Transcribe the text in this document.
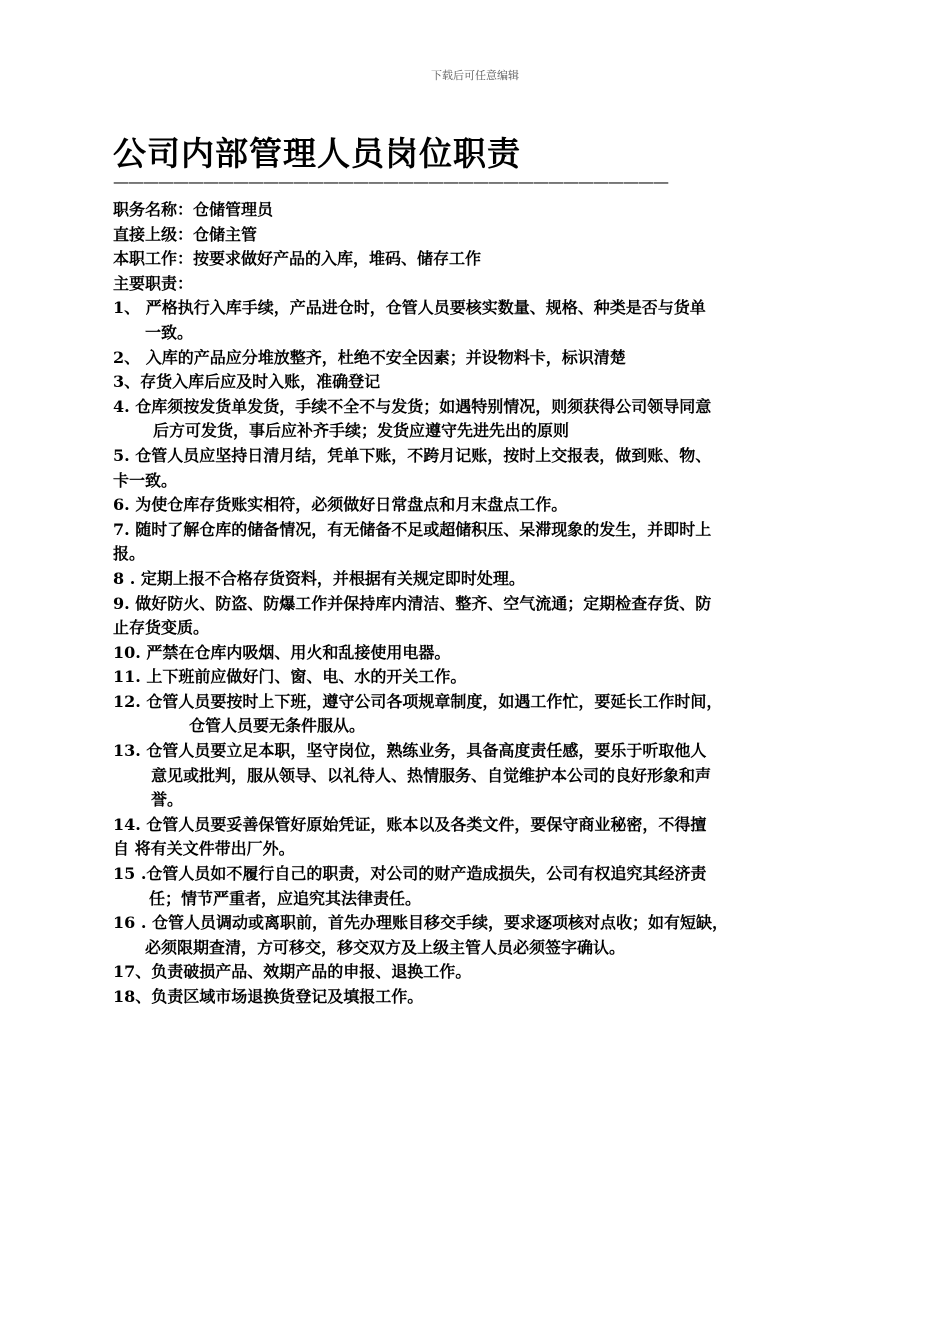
下载后可任意编辑
公司内部管理人员岗位职责
—————————————————————————————————————
职务名称：仓储管理员
直接上级：仓储主管
本职工作：按要求做好产品的入库，堆码、储存工作
主要职责：
1、 严格执行入库手续，产品进仓时，仓管人员要核实数量、规格、种类是否与货单
一致。
2、 入库的产品应分堆放整齐，杜绝不安全因素；并设物料卡，标识清楚
3、存货入库后应及时入账，准确登记
4. 仓库须按发货单发货，手续不全不与发货；如遇特别情况，则须获得公司领导同意
后方可发货，事后应补齐手续；发货应遵守先进先出的原则
5. 仓管人员应坚持日清月结，凭单下账，不跨月记账，按时上交报表，做到账、物、
卡一致。
6. 为使仓库存货账实相符，必须做好日常盘点和月末盘点工作。
7. 随时了解仓库的储备情况，有无储备不足或超储积压、呆滞现象的发生，并即时上
报。
8 . 定期上报不合格存货资料，并根据有关规定即时处理。
9. 做好防火、防盗、防爆工作并保持库内清洁、整齐、空气流通；定期检查存货、防
止存货变质。
10. 严禁在仓库内吸烟、用火和乱接使用电器。
11. 上下班前应做好门、窗、电、水的开关工作。
12. 仓管人员要按时上下班，遵守公司各项规章制度，如遇工作忙，要延长工作时间，
仓管人员要无条件服从。
13. 仓管人员要立足本职，坚守岗位，熟练业务，具备高度责任感，要乐于听取他人
意见或批判，服从领导、以礼待人、热情服务、自觉维护本公司的良好形象和声
誉。
14. 仓管人员要妥善保管好原始凭证，账本以及各类文件，要保守商业秘密，不得擅
自 将有关文件带出厂外。
15 .仓管人员如不履行自己的职责，对公司的财产造成损失，公司有权追究其经济责
任；情节严重者，应追究其法律责任。
16 . 仓管人员调动或离职前，首先办理账目移交手续，要求逐项核对点收；如有短缺，
必须限期查清，方可移交，移交双方及上级主管人员必须签字确认。
17、负责破损产品、效期产品的申报、退换工作。
18、负责区域市场退换货登记及填报工作。
